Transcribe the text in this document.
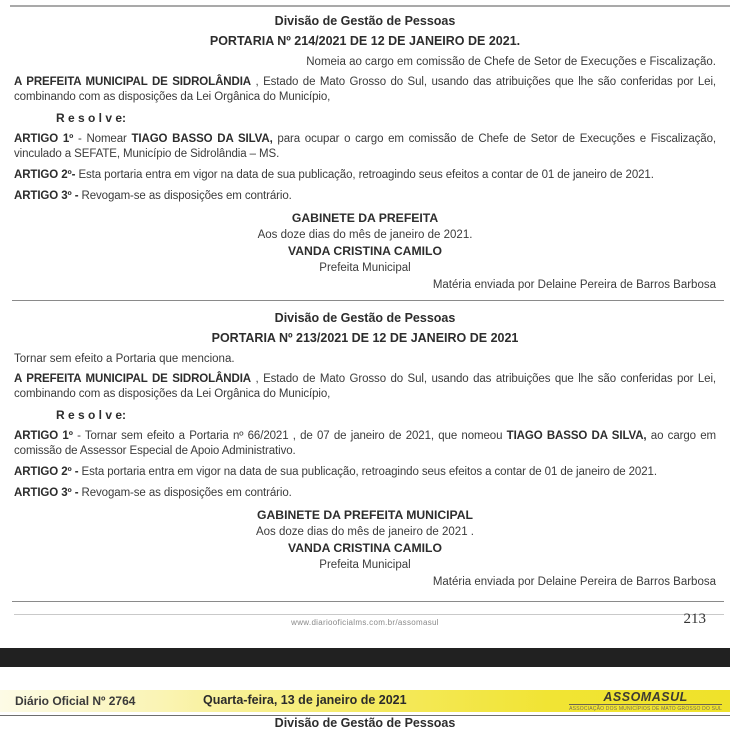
Divisão de Gestão de Pessoas

PORTARIA Nº 214/2021 DE 12 DE JANEIRO DE 2021.

Nomeia ao cargo em comissão de Chefe de Setor de Execuções e Fiscalização.

A PREFEITA MUNICIPAL DE SIDROLÂNDIA , Estado de Mato Grosso do Sul, usando das atribuições que lhe são conferidas por Lei, combinando com as disposições da Lei Orgânica do Município,

R e s o l v e:

ARTIGO 1º - Nomear TIAGO BASSO DA SILVA, para ocupar o cargo em comissão de Chefe de Setor de Execuções e Fiscalização, vinculado a SEFATE, Município de Sidrolândia – MS.

ARTIGO 2º- Esta portaria entra em vigor na data de sua publicação, retroagindo seus efeitos a contar de 01 de janeiro de 2021.

ARTIGO 3º - Revogam-se as disposições em contrário.

GABINETE DA PREFEITA

Aos doze dias do mês de janeiro de 2021.

VANDA CRISTINA CAMILO

Prefeita Municipal

Matéria enviada por Delaine Pereira de Barros Barbosa

Divisão de Gestão de Pessoas

PORTARIA Nº 213/2021 DE 12 DE JANEIRO DE 2021

Tornar sem efeito a Portaria que menciona.

A PREFEITA MUNICIPAL DE SIDROLÂNDIA , Estado de Mato Grosso do Sul, usando das atribuições que lhe são conferidas por Lei, combinando com as disposições da Lei Orgânica do Município,

R e s o l v e:

ARTIGO 1º - Tornar sem efeito a Portaria nº 66/2021 , de 07 de janeiro de 2021, que nomeou TIAGO BASSO DA SILVA, ao cargo em comissão de Assessor Especial de Apoio Administrativo.

ARTIGO 2º - Esta portaria entra em vigor na data de sua publicação, retroagindo seus efeitos a contar de 01 de janeiro de 2021.

ARTIGO 3º - Revogam-se as disposições em contrário.

GABINETE DA PREFEITA MUNICIPAL

Aos doze dias do mês de janeiro de 2021 .

VANDA CRISTINA CAMILO

Prefeita Municipal

Matéria enviada por Delaine Pereira de Barros Barbosa

www.diariooficialms.com.br/assomasul	213
Diário Oficial Nº 2764	Quarta-feira, 13 de janeiro de 2021	ASSOMASUL
ASSOCIAÇÃO DOS MUNICÍPIOS DE MATO GROSSO DO SUL
Divisão de Gestão de Pessoas
